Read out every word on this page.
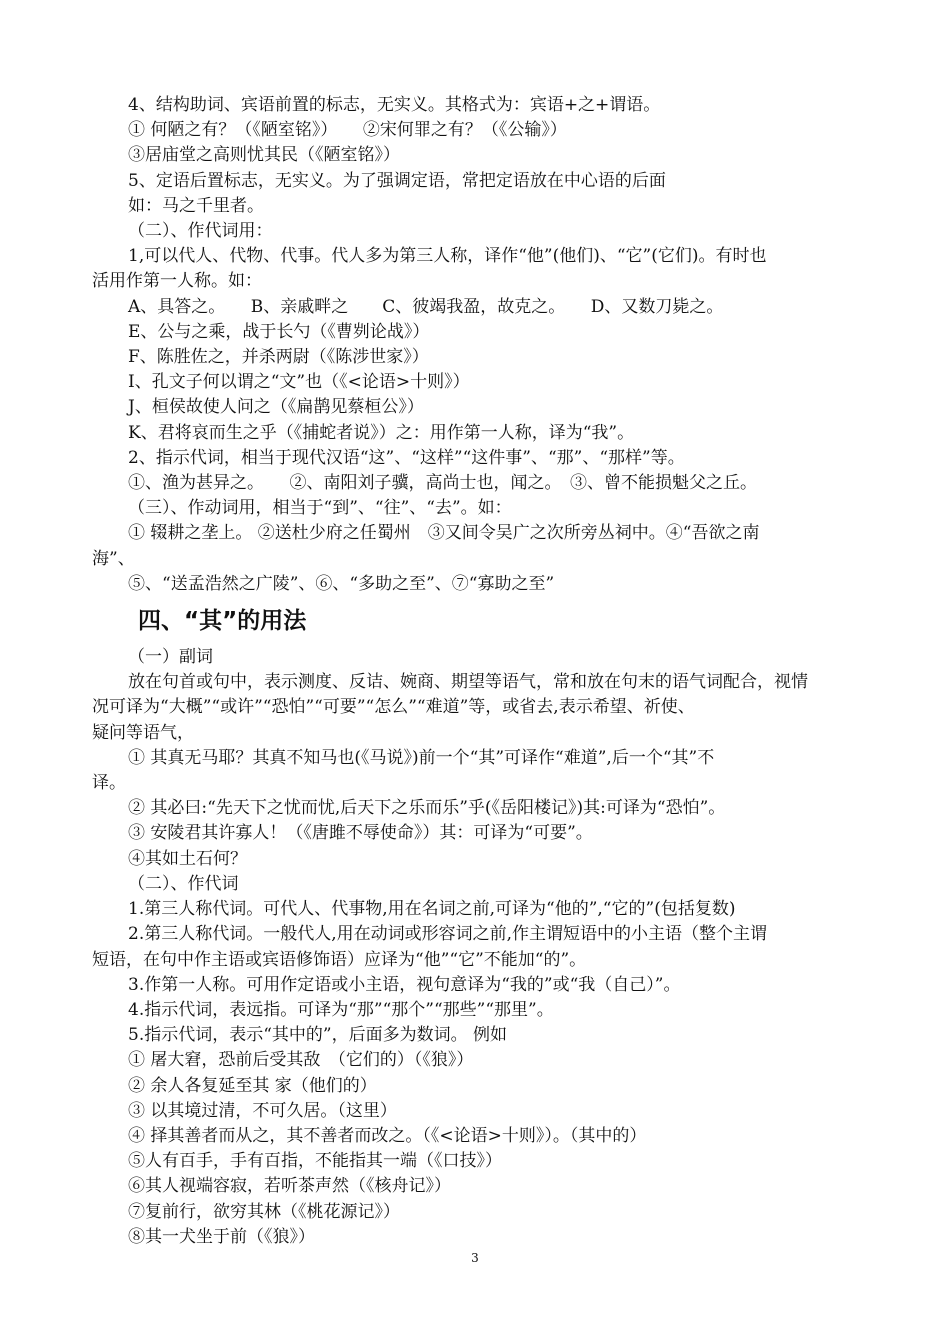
4、结构助词、宾语前置的标志，无实义。其格式为：宾语+之+谓语。

① 何陋之有？（《陋室铭》）　　②宋何罪之有？（《公输》）

③居庙堂之高则忧其民（《陋室铭》）

5、定语后置标志，无实义。为了强调定语，常把定语放在中心语的后面

如：马之千里者。

（二）、作代词用：

1,可以代人、代物、代事。代人多为第三人称，译作“他”(他们)、“它”(它们)。有时也

活用作第一人称。如：

A、具答之。　　B、亲戚畔之　　C、彼竭我盈，故克之。　　D、又数刀毙之。

E、公与之乘，战于长勺（《曹刿论战》）

F、陈胜佐之，并杀两尉（《陈涉世家》）

I、孔文子何以谓之“文”也（《<论语>十则》）

J、桓侯故使人问之（《扁鹊见蔡桓公》）

K、君将哀而生之乎（《捕蛇者说》）之：用作第一人称，译为“我”。

2、指示代词，相当于现代汉语“这”、“这样”“这件事”、“那”、“那样”等。

①、渔为甚异之。　　②、南阳刘子骥，高尚士也，闻之。　③、曾不能损魁父之丘。

（三）、作动词用，相当于“到”、“往”、“去”。如：

① 辍耕之垄上。 ②送杜少府之任蜀州　③又间令吴广之次所旁丛祠中。④“吾欲之南

海”、

⑤、“送孟浩然之广陵”、⑥、“多助之至”、⑦“寡助之至”

四、“其”的用法

（一）副词

放在句首或句中，表示测度、反诘、婉商、期望等语气，常和放在句末的语气词配合，视情

况可译为“大概”“或许”“恐怕”“可要”“怎么”“难道”等，或省去,表示希望、祈使、

疑问等语气，

① 其真无马耶？其真不知马也(《马说》)前一个“其”可译作“难道”,后一个“其”不

译。

② 其必曰:“先天下之忧而忧,后天下之乐而乐”乎(《岳阳楼记》)其:可译为“恐怕”。

③ 安陵君其许寡人！（《唐雎不辱使命》）其：可译为“可要”。

④其如土石何？

（二）、作代词

1.第三人称代词。可代人、代事物,用在名词之前,可译为“他的”,“它的”(包括复数)

2.第三人称代词。一般代人,用在动词或形容词之前,作主谓短语中的小主语（整个主谓

短语，在句中作主语或宾语修饰语）应译为“他”“它”不能加“的”。

3.作第一人称。可用作定语或小主语，视句意译为“我的”或“我（自己）”。

4.指示代词，表远指。可译为“那”“那个”“那些”“那里”。

5.指示代词，表示“其中的”，后面多为数词。 例如

① 屠大窘，恐前后受其敌　（它们的）（《狼》）

② 余人各复延至其 家（他们的）

③ 以其境过清，不可久居。（这里）

④ 择其善者而从之，其不善者而改之。（《<论语>十则》）。（其中的）

⑤人有百手，手有百指，不能指其一端（《口技》）

⑥其人视端容寂，若听茶声然（《核舟记》）

⑦复前行，欲穷其林（《桃花源记》）

⑧其一犬坐于前（《狼》）

3
